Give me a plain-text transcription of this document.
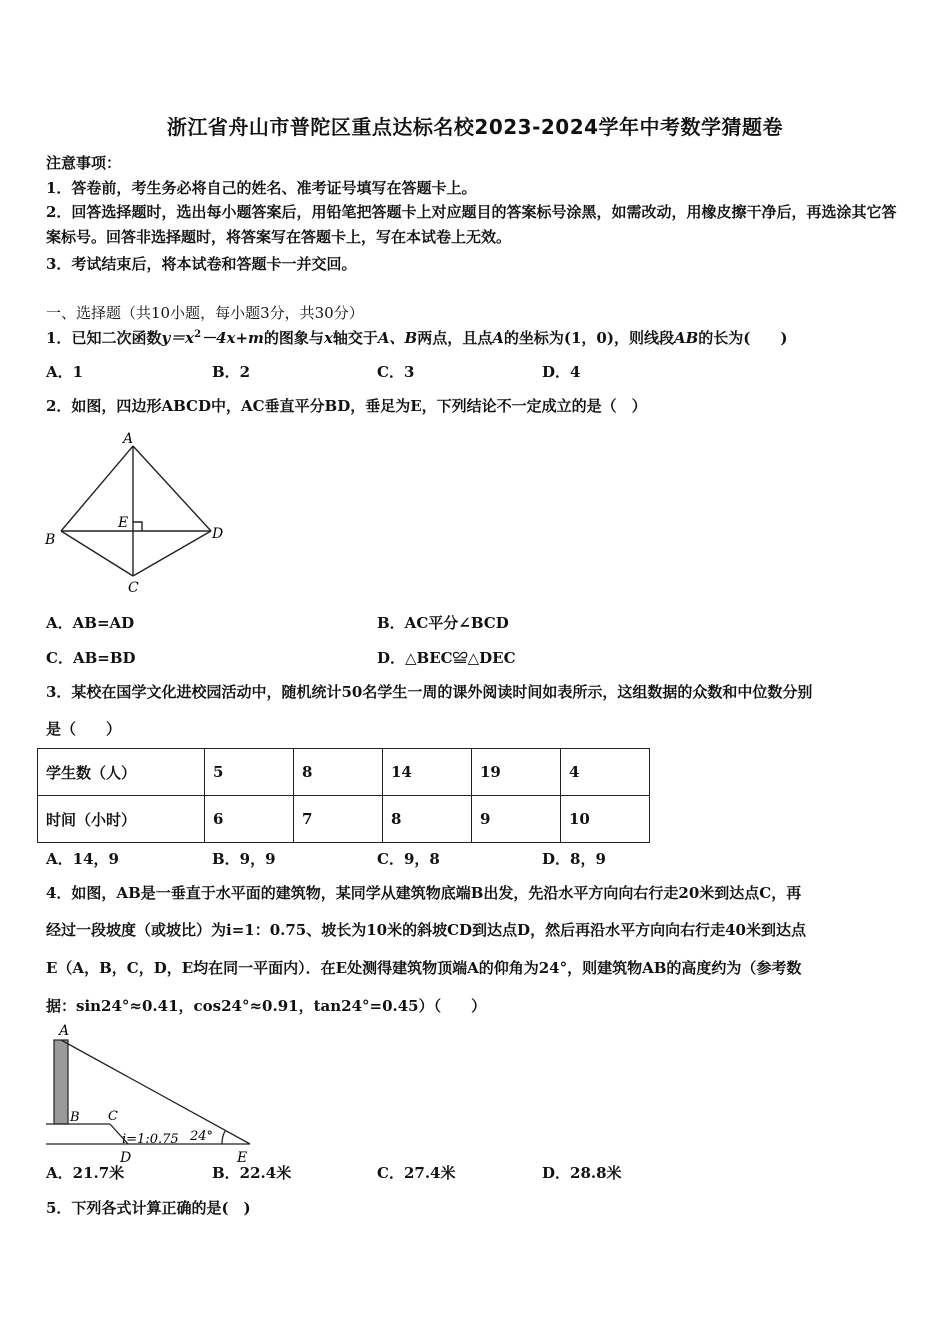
浙江省舟山市普陀区重点达标名校2023-2024学年中考数学猜题卷
注意事项：
1．答卷前，考生务必将自己的姓名、准考证号填写在答题卡上。
2．回答选择题时，选出每小题答案后，用铅笔把答题卡上对应题目的答案标号涂黑，如需改动，用橡皮擦干净后，再选涂其它答案标号。回答非选择题时，将答案写在答题卡上，写在本试卷上无效。
3．考试结束后，将本试卷和答题卡一并交回。
一、选择题（共10小题，每小题3分，共30分）
1．已知二次函数$y=x^2-4x+m$的图象与x轴交于A、B两点，且点A的坐标为(1，0)，则线段AB的长为(　　)
A．1	B．2	C．3	D．4
2．如图，四边形ABCD中，AC垂直平分BD，垂足为E，下列结论不一定成立的是（　）
A
B
C
D
E
A．AB=AD	B．AC平分∠BCD
C．AB=BD	D．△BEC≌△DEC
3．某校在国学文化进校园活动中，随机统计50名学生一周的课外阅读时间如表所示，这组数据的众数和中位数分别
是（　　）
学生数（人）	5	8	14	19	4
时间（小时）	6	7	8	9	10
A．14，9	B．9，9	C．9，8	D．8，9
4．如图，AB是一垂直于水平面的建筑物，某同学从建筑物底端B出发，先沿水平方向向右行走20米到达点C，再
经过一段坡度（或坡比）为i=1：0.75、坡长为10米的斜坡CD到达点D，然后再沿水平方向向右行走40米到达点
E（A，B，C，D，E均在同一平面内）．在E处测得建筑物顶端A的仰角为24°，则建筑物AB的高度约为（参考数
据：sin24°≈0.41，cos24°≈0.91，tan24°=0.45）（　　）
A
B C
i=1:0.75 24°
D	E
A．21.7米	B．22.4米	C．27.4米	D．28.8米
5．下列各式计算正确的是(　)
